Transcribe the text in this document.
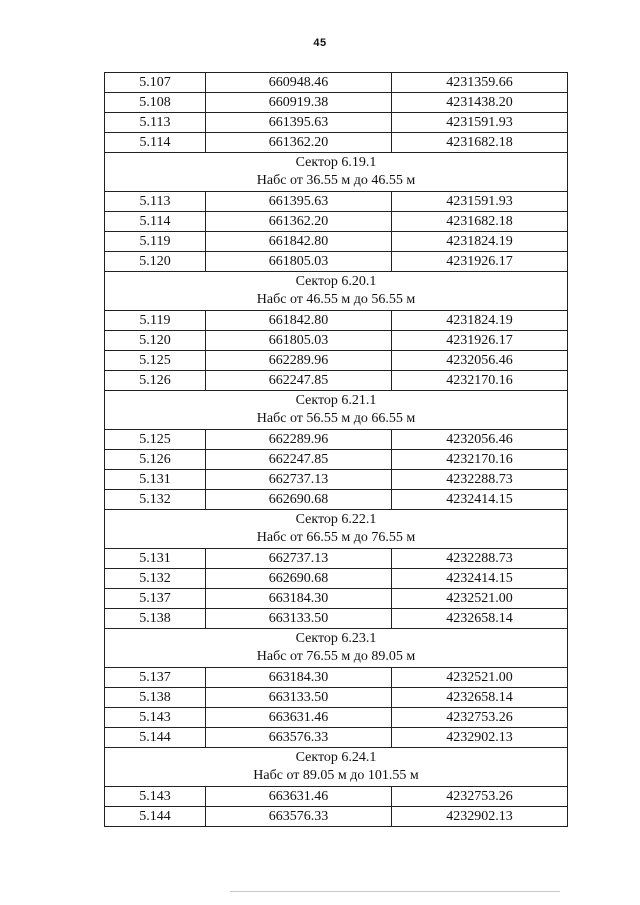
45
5.107	660948.46	4231359.66
5.108	660919.38	4231438.20
5.113	661395.63	4231591.93
5.114	661362.20	4231682.18

Сектор 6.19.1
Набс от 36.55 м до 46.55 м		

5.113	661395.63	4231591.93
5.114	661362.20	4231682.18
5.119	661842.80	4231824.19
5.120	661805.03	4231926.17

Сектор 6.20.1
Набс от 46.55 м до 56.55 м		

5.119	661842.80	4231824.19
5.120	661805.03	4231926.17
5.125	662289.96	4232056.46
5.126	662247.85	4232170.16

Сектор 6.21.1
Набс от 56.55 м до 66.55 м		

5.125	662289.96	4232056.46
5.126	662247.85	4232170.16
5.131	662737.13	4232288.73
5.132	662690.68	4232414.15

Сектор 6.22.1
Набс от 66.55 м до 76.55 м		

5.131	662737.13	4232288.73
5.132	662690.68	4232414.15
5.137	663184.30	4232521.00
5.138	663133.50	4232658.14

Сектор 6.23.1
Набс от 76.55 м до 89.05 м		

5.137	663184.30	4232521.00
5.138	663133.50	4232658.14
5.143	663631.46	4232753.26
5.144	663576.33	4232902.13

Сектор 6.24.1
Набс от 89.05 м до 101.55 м		

5.143	663631.46	4232753.26
5.144	663576.33	4232902.13
